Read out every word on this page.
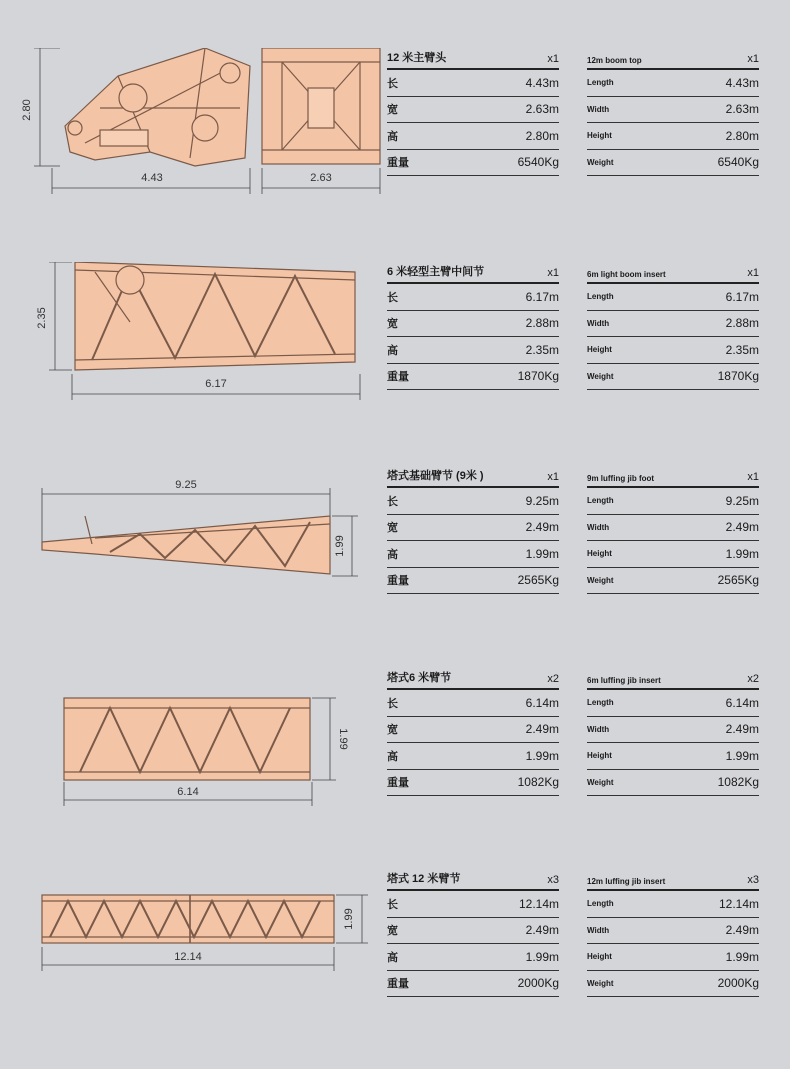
2.80
4.43	2.63
12 米主臂头	x1
长	4.43m
宽	2.63m
高	2.80m
重量	6540Kg
12m boom top	x1
Length	4.43m
Width	2.63m
Height	2.80m
Weight	6540Kg
2.35
6.17
6 米轻型主臂中间节	x1
长	6.17m
宽	2.88m
高	2.35m
重量	1870Kg
6m light boom insert	x1
Length	6.17m
Width	2.88m
Height	2.35m
Weight	1870Kg
9.25
1.99
塔式基础臂节 (9米 )	x1
长	9.25m
宽	2.49m
高	1.99m
重量	2565Kg
9m luffing jib foot	x1
Length	9.25m
Width	2.49m
Height	1.99m
Weight	2565Kg
1.99
6.14
塔式6 米臂节	x2
长	6.14m
宽	2.49m
高	1.99m
重量	1082Kg
6m luffing jib insert	x2
Length	6.14m
Width	2.49m
Height	1.99m
Weight	1082Kg
1.99
12.14
塔式 12 米臂节	x3
长	12.14m
宽	2.49m
高	1.99m
重量	2000Kg
12m luffing jib insert	x3
Length	12.14m
Width	2.49m
Height	1.99m
Weight	2000Kg
